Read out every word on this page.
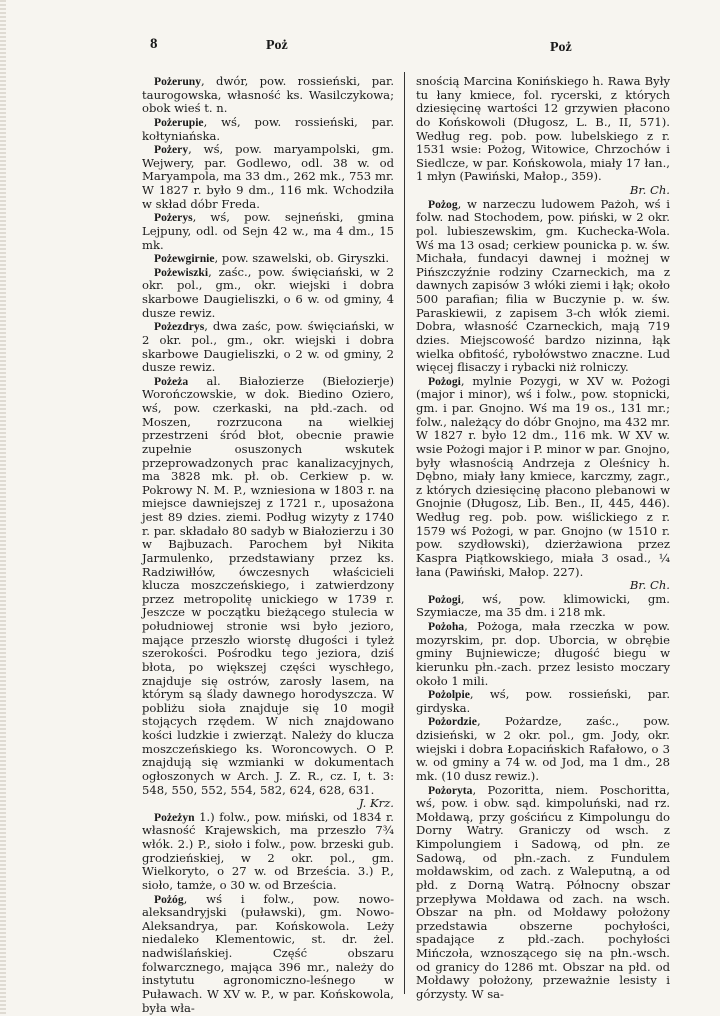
8	Poż	Poż

Pożeruny, dwór, pow. rossieński, par. taurogowska, własność ks. Wasilczykowa; obok wieś t. n.

Pożerupie, wś, pow. rossieński, par. kołtyniańska.

Pożery, wś, pow. maryampolski, gm. Wejwery, par. Godlewo, odl. 38 w. od Maryampola, ma 33 dm., 262 mk., 753 mr. W 1827 r. było 9 dm., 116 mk. Wchodziła w skład dóbr Freda.

Pożerys, wś, pow. sejneński, gmina Lejpuny, odl. od Sejn 42 w., ma 4 dm., 15 mk.

Pożewgirnie, pow. szawelski, ob. Giryszki.

Pożewiszki, zaśc., pow. święciański, w 2 okr. pol., gm., okr. wiejski i dobra skarbowe Daugieliszki, o 6 w. od gminy, 4 dusze rewiz.

Pożezdrys, dwa zaśc, pow. święciański, w 2 okr. pol., gm., okr. wiejski i dobra skarbowe Daugieliszki, o 2 w. od gminy, 2 dusze rewiz.

Pożeża al. Białozierze (Biełozierje) Worończowskie, w dok. Biedino Oziero, wś, pow. czerkaski, na płd.-zach. od Moszen, rozrzucona na wielkiej przestrzeni śród błot, obecnie prawie zupełnie osuszonych wskutek przeprowadzonych prac kanalizacyjnych, ma 3828 mk. pł. ob. Cerkiew p. w. Pokrowy N. M. P., wzniesiona w 1803 r. na miejsce dawniejszej z 1721 r., uposażona jest 89 dzies. ziemi. Podług wizyty z 1740 r. par. składało 80 sadyb w Białozierzu i 30 w Bajbuzach. Parochem był Nikita Jarmulenko, przedstawiany przez ks. Radziwiłłów, ówczesnych właścicieli klucza moszczeńskiego, i zatwierdzony przez metropolitę unickiego w 1739 r. Jeszcze w początku bieżącego stulecia w południowej stronie wsi było jezioro, mające przeszło wiorstę długości i tyleż szerokości. Pośrodku tego jeziora, dziś błota, po większej części wyschłego, znajduje się ostrów, zarosły lasem, na którym są ślady dawnego horodyszcza. W pobliżu sioła znajduje się 10 mogił stojących rzędem. W nich znajdowano kości ludzkie i zwierząt. Należy do klucza moszczeńskiego ks. Woroncowych. O P. znajdują się wzmianki w dokumentach ogłoszonych w Arch. J. Z. R., cz. I, t. 3: 548, 550, 552, 554, 582, 624, 628, 631.
J. Krz.

Pożeżyn 1.) folw., pow. miński, od 1834 r. własność Krajewskich, ma przeszło 7¾ włók. 2.) P., sioło i folw., pow. brzeski gub. grodzieńskiej, w 2 okr. pol., gm. Wielkoryto, o 27 w. od Brześcia. 3.) P., sioło, tamże, o 30 w. od Brześcia.

Pożóg, wś i folw., pow. nowo-aleksandryjski (puławski), gm. Nowo-Aleksandrya, par. Końskowola. Leży niedaleko Klementowic, st. dr. żel. nadwiślańskiej. Część obszaru folwarcznego, mająca 396 mr., należy do instytutu agronomiczno-leśnego w Puławach. W XV w. P., w par. Końskowola, była wła-

snością Marcina Konińskiego h. Rawa Były tu łany kmiece, fol. rycerski, z których dziesięcinę wartości 12 grzywien płacono do Końskowoli (Długosz, L. B., II, 571). Według reg. pob. pow. lubelskiego z r. 1531 wsie: Pożog, Witowice, Chrzochów i Siedlcze, w par. Końskowola, miały 17 łan., 1 młyn (Pawiński, Małop., 359).
Br. Ch.

Pożog, w narzeczu ludowem Pażoh, wś i folw. nad Stochodem, pow. piński, w 2 okr. pol. lubieszewskim, gm. Kuchecka-Wola. Wś ma 13 osad; cerkiew pounicka p. w. św. Michała, fundacyi dawnej i możnej w Pińszczyźnie rodziny Czarneckich, ma z dawnych zapisów 3 włóki ziemi i łąk; około 500 parafian; filia w Buczynie p. w. św. Paraskiewii, z zapisem 3-ch włók ziemi. Dobra, własność Czarneckich, mają 719 dzies. Miejscowość bardzo nizinna, łąk wielka obfitość, rybołówstwo znaczne. Lud więcej flisaczy i rybacki niż rolniczy.

Pożogi, mylnie Pozygi, w XV w. Pożogi (major i minor), wś i folw., pow. stopnicki, gm. i par. Gnojno. Wś ma 19 os., 131 mr.; folw., należący do dóbr Gnojno, ma 432 mr. W 1827 r. było 12 dm., 116 mk. W XV w. wsie Pożogi major i P. minor w par. Gnojno, były własnością Andrzeja z Oleśnicy h. Dębno, miały łany kmiece, karczmy, zagr., z których dziesięcinę płacono plebanowi w Gnojnie (Długosz, Lib. Ben., II, 445, 446). Według reg. pob. pow. wiślickiego z r. 1579 wś Pożogi, w par. Gnojno (w 1510 r. pow. szydłowski), dzierżawiona przez Kaspra Piątkowskiego, miała 3 osad., ¼ łana (Pawiński, Małop. 227).
Br. Ch.

Pożogi, wś, pow. klimowicki, gm. Szymiacze, ma 35 dm. i 218 mk.

Pożoha, Pożoga, mała rzeczka w pow. mozyrskim, pr. dop. Uborcia, w obrębie gminy Bujniewicze; długość biegu w kierunku płn.-zach. przez lesisto moczary około 1 mili.

Pożolpie, wś, pow. rossieński, par. girdyska.

Pożordzie, Pożardze, zaśc., pow. dzisieński, w 2 okr. pol., gm. Jody, okr. wiejski i dobra Łopacińskich Rafałowo, o 3 w. od gminy a 74 w. od Jod, ma 1 dm., 28 mk. (10 dusz rewiz.).

Pożoryta, Pozoritta, niem. Poschoritta, wś, pow. i obw. sąd. kimpoluński, nad rz. Mołdawą, przy gościńcu z Kimpolungu do Dorny Watry. Graniczy od wsch. z Kimpolungiem i Sadową, od płn. ze Sadową, od płn.-zach. z Fundulem mołdawskim, od zach. z Waleputną, a od płd. z Dorną Watrą. Północny obszar przepływa Mołdawa od zach. na wsch. Obszar na płn. od Mołdawy położony przedstawia obszerne pochyłości, spadające z płd.-zach. pochyłości Mińczoła, wznoszącego się na płn.-wsch. od granicy do 1286 mt. Obszar na płd. od Mołdawy położony, przeważnie lesisty i górzysty. W sa-
